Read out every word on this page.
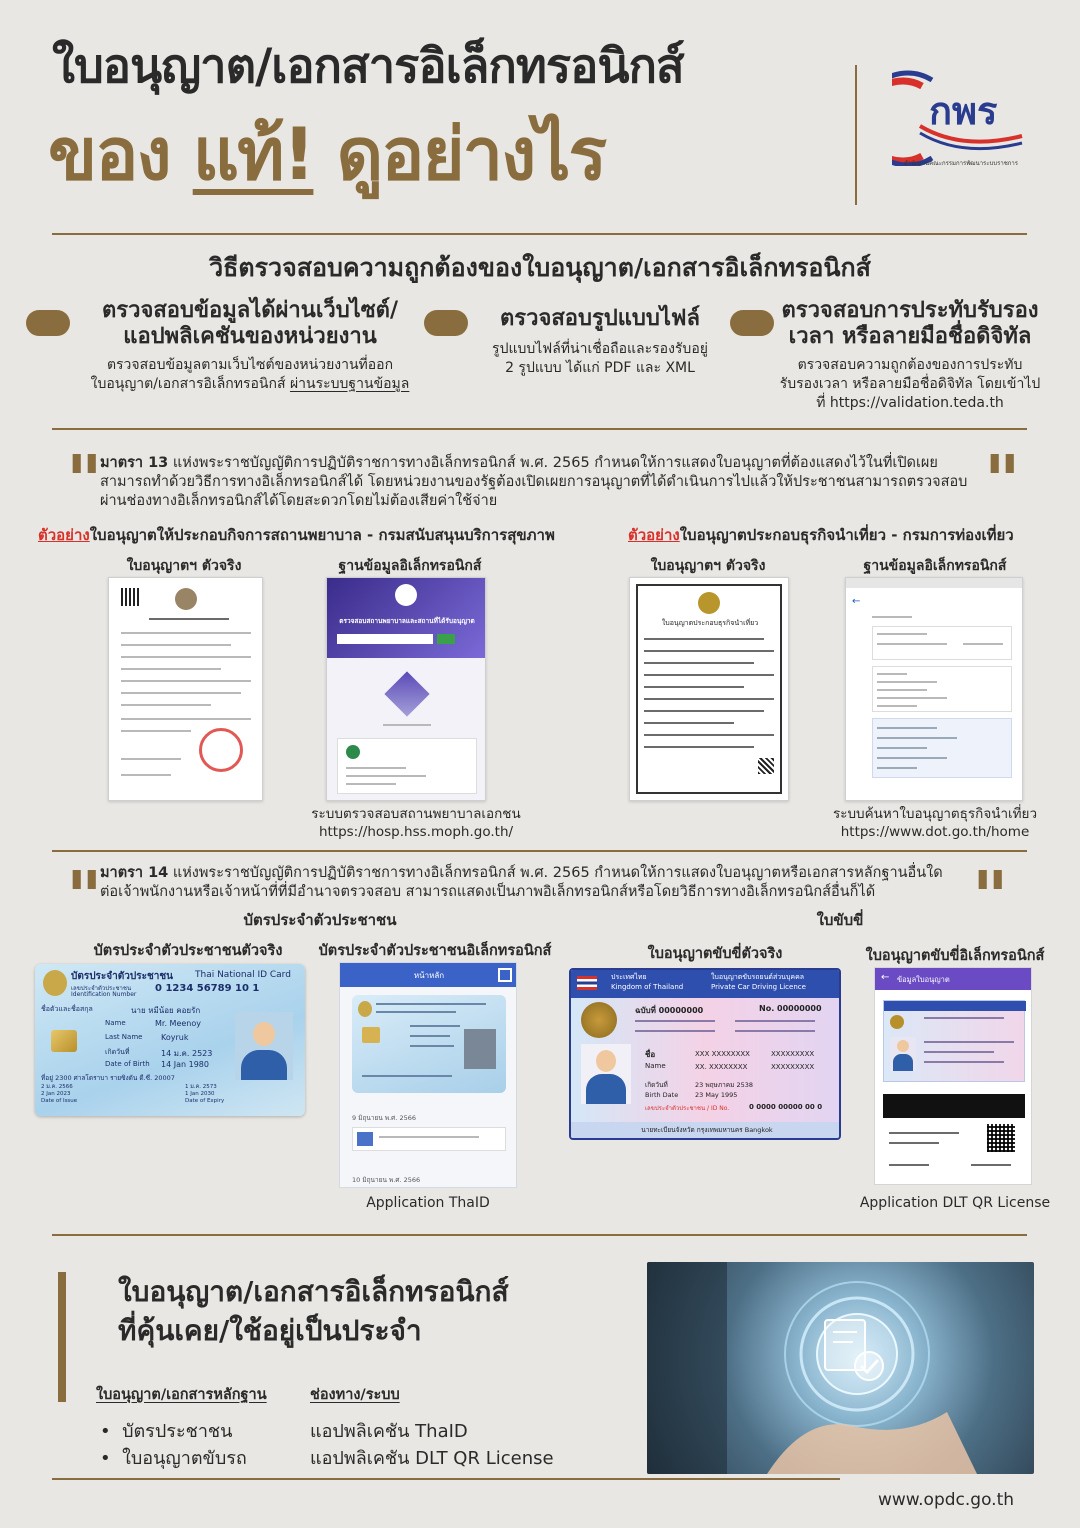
ใบอนุญาต/เอกสารอิเล็กทรอนิกส์
ของ แท้! ดูอย่างไร
กพร
สำนักงานคณะกรรมการพัฒนาระบบราชการ
วิธีตรวจสอบความถูกต้องของใบอนุญาต/เอกสารอิเล็กทรอนิกส์
ตรวจสอบข้อมูลได้ผ่านเว็บไซต์/
แอปพลิเคชันของหน่วยงาน
ตรวจสอบข้อมูลตามเว็บไซต์ของหน่วยงานที่ออก
ใบอนุญาต/เอกสารอิเล็กทรอนิกส์ ผ่านระบบฐานข้อมูล
ตรวจสอบรูปแบบไฟล์
รูปแบบไฟล์ที่น่าเชื่อถือและรองรับอยู่
2 รูปแบบ ได้แก่ PDF และ XML
ตรวจสอบการประทับรับรอง
เวลา หรือลายมือชื่อดิจิทัล
ตรวจสอบความถูกต้องของการประทับ
รับรองเวลา หรือลายมือชื่อดิจิทัล โดยเข้าไป
ที่ https://validation.teda.th
"
มาตรา 13 แห่งพระราชบัญญัติการปฏิบัติราชการทางอิเล็กทรอนิกส์ พ.ศ. 2565 กำหนดให้การแสดงใบอนุญาตที่ต้องแสดงไว้ในที่เปิดเผย
สามารถทำด้วยวิธีการทางอิเล็กทรอนิกส์ได้ โดยหน่วยงานของรัฐต้องเปิดเผยการอนุญาตที่ได้ดำเนินการไปแล้วให้ประชาชนสามารถตรวจสอบ
ผ่านช่องทางอิเล็กทรอนิกส์ได้โดยสะดวกโดยไม่ต้องเสียค่าใช้จ่าย	"
ตัวอย่างใบอนุญาตให้ประกอบกิจการสถานพยาบาล - กรมสนับสนุนบริการสุขภาพ
ใบอนุญาตฯ ตัวจริง	ฐานข้อมูลอิเล็กทรอนิกส์
ตรวจสอบสถานพยาบาลและสถานที่ได้รับอนุญาต
ระบบตรวจสอบสถานพยาบาลเอกชน
https://hosp.hss.moph.go.th/
ตัวอย่างใบอนุญาตประกอบธุรกิจนำเที่ยว - กรมการท่องเที่ยว
ใบอนุญาตฯ ตัวจริง	ฐานข้อมูลอิเล็กทรอนิกส์
ใบอนุญาตประกอบธุรกิจนำเที่ยว
←
ระบบค้นหาใบอนุญาตธุรกิจนำเที่ยว
https://www.dot.go.th/home
"
มาตรา 14 แห่งพระราชบัญญัติการปฏิบัติราชการทางอิเล็กทรอนิกส์ พ.ศ. 2565 กำหนดให้การแสดงใบอนุญาตหรือเอกสารหลักฐานอื่นใด
ต่อเจ้าพนักงานหรือเจ้าหน้าที่ที่มีอำนาจตรวจสอบ สามารถแสดงเป็นภาพอิเล็กทรอนิกส์หรือโดยวิธีการทางอิเล็กทรอนิกส์อื่นก็ได้	"
บัตรประจำตัวประชาชน
บัตรประจำตัวประชาชนตัวจริง	บัตรประจำตัวประชาชนอิเล็กทรอนิกส์
บัตรประจำตัวประชาชน Thai National ID Card
เลขประจำตัวประชาชน
Identification Number
0 1234 56789 10 1
ชื่อตัวและชื่อสกุล	นาย หมีน้อย คอยรัก
Name	Mr. Meenoy
Last Name Koyruk
เกิดวันที่	14 ม.ค. 2523
Date of Birth 14 Jan 1980
ที่อยู่ 2300 ศาลโดราบา รายซิงตัน ดี.ซี. 20007
2 ม.ค. 2566
2 Jan 2023
Date of Issue
1 ม.ค. 2573
1 Jan 2030
Date of Expiry
หน้าหลัก
9 มิถุนายน พ.ศ. 2566
10 มิถุนายน พ.ศ. 2566
Application ThaID
ใบขับขี่
ใบอนุญาตขับขี่ตัวจริง	ใบอนุญาตขับขี่อิเล็กทรอนิกส์
ประเทศไทย
Kingdom of Thailand
ใบอนุญาตขับรถยนต์ส่วนบุคคล
Private Car Driving Licence
ฉบับที่ 00000000	No. 00000000
ชื่อ
Name
XXX XXXXXXXX	XXXXXXXXX
XX. XXXXXXXX	XXXXXXXXX
เกิดวันที่	23 พฤษภาคม 2538
Birth Date	23 May 1995
เลขประจำตัวประชาชน / ID No.	0 0000 00000 00 0
นายทะเบียนจังหวัด กรุงเทพมหานคร Bangkok
← ข้อมูลใบอนุญาต
Application DLT QR License
ใบอนุญาต/เอกสารอิเล็กทรอนิกส์
ที่คุ้นเคย/ใช้อยู่เป็นประจำ
ใบอนุญาต/เอกสารหลักฐาน	ช่องทาง/ระบบ
•  บัตรประชาชน	แอปพลิเคชัน ThaID
•  ใบอนุญาตขับรถ	แอปพลิเคชัน DLT QR License
www.opdc.go.th
